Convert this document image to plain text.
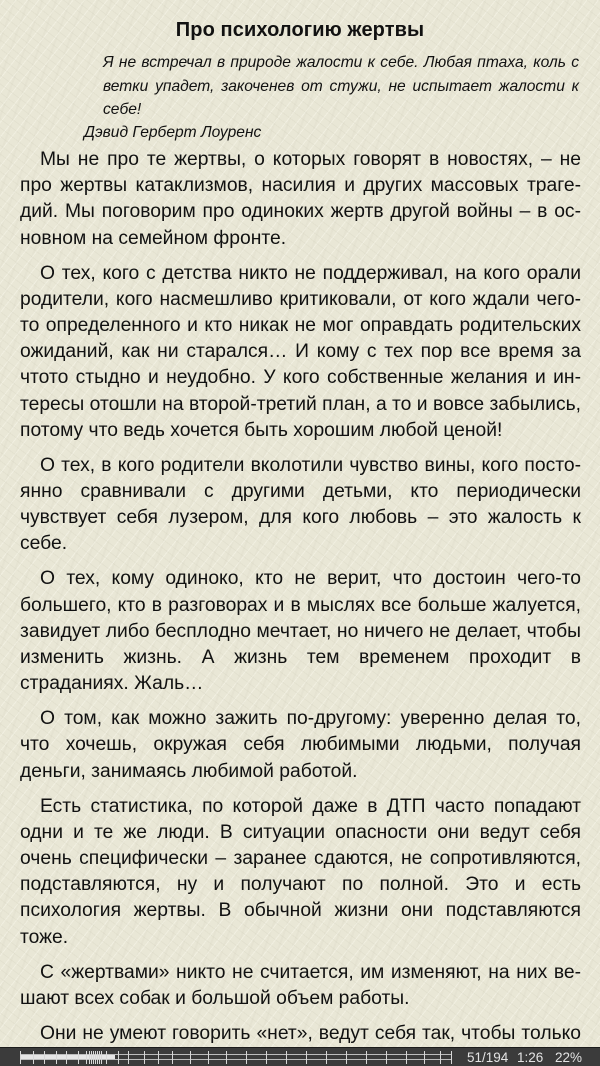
Про психологию жертвы
Я не встречал в природе жалости к себе. Любая птаха, коль с ветки упадет, закоченев от стужи, не испытает жалости к себе!
Дэвид Герберт Лоуренс

Мы не про те жертвы, о которых говорят в новостях, – не про жертвы катаклизмов, насилия и других массовых трагедий. Мы поговорим про одиноких жертв другой войны – в основном на семейном фронте.

О тех, кого с детства никто не поддерживал, на кого орали родители, кого насмешливо критиковали, от кого ждали чегото определенного и кто никак не мог оправдать родительских ожиданий, как ни старался… И кому с тех пор все время за чтото стыдно и неудобно. У кого собственные желания и интересы отошли на второй-третий план, а то и вовсе забылись, потому что ведь хочется быть хорошим любой ценой!

О тех, в кого родители вколотили чувство вины, кого постоянно сравнивали с другими детьми, кто периодически чувствует себя лузером, для кого любовь – это жалость к себе.

О тех, кому одиноко, кто не верит, что достоин чего-то большего, кто в разговорах и в мыслях все больше жалуется, завидует либо бесплодно мечтает, но ничего не делает, чтобы изменить жизнь. А жизнь тем временем проходит в страданиях. Жаль…

О том, как можно зажить по-другому: уверенно делая то, что хочешь, окружая себя любимыми людьми, получая деньги, занимаясь любимой работой.

Есть статистика, по которой даже в ДТП часто попадают одни и те же люди. В ситуации опасности они ведут себя очень специфически – заранее сдаются, не сопротивляются, подставляются, ну и получают по полной. Это и есть психология жертвы. В обычной жизни они подставляются тоже.

С «жертвами» никто не считается, им изменяют, на них вешают всех собак и большой объем работы.

Они не умеют говорить «нет», ведут себя так, чтобы только

51/194 1:26 22%
